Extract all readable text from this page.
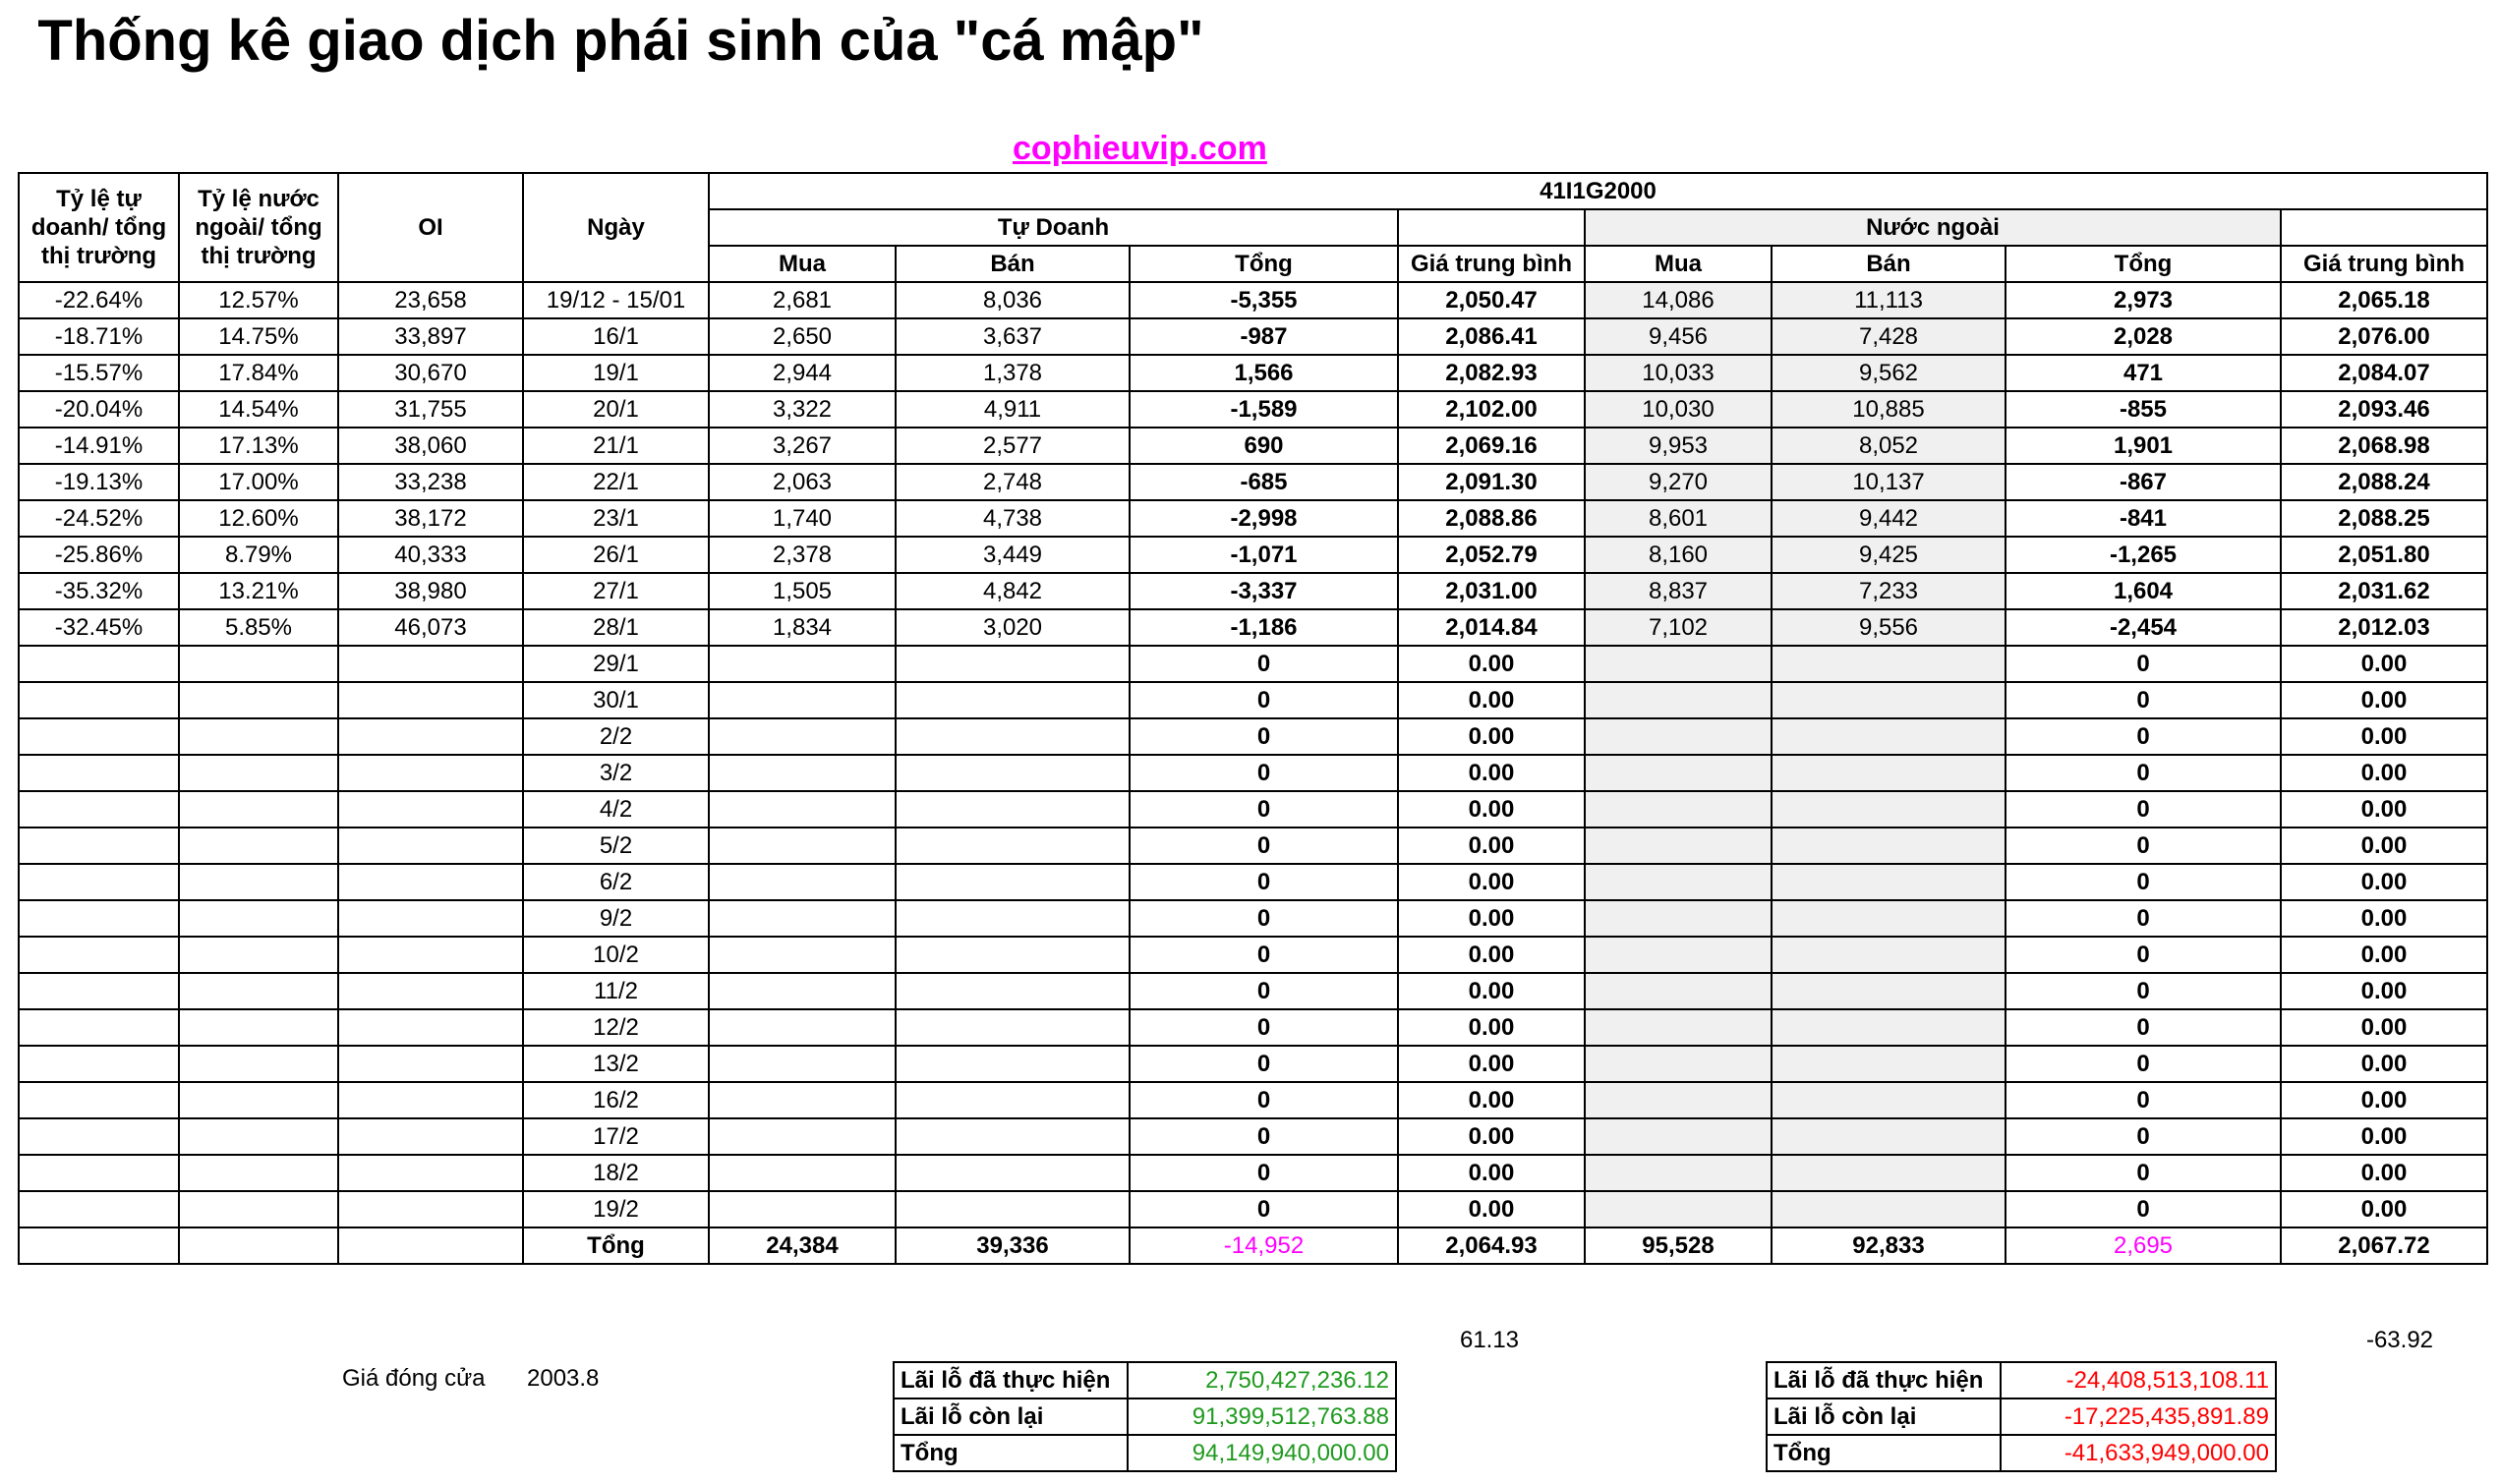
Thống kê giao dịch phái sinh của "cá mập"
cophieuvip.com
Tỷ lệ tự doanh/ tổng thị trường	Tỷ lệ nước ngoài/ tổng thị trường	OI	Ngày	41I1G2000							
				Tự Doanh				Nước ngoài			
				Mua	Bán	Tổng	Giá trung bình	Mua	Bán	Tổng	Giá trung bình
-22.64%	12.57%	23,658	19/12 - 15/01	2,681	8,036	-5,355	2,050.47	14,086	11,113	2,973	2,065.18
-18.71%	14.75%	33,897	16/1	2,650	3,637	-987	2,086.41	9,456	7,428	2,028	2,076.00
-15.57%	17.84%	30,670	19/1	2,944	1,378	1,566	2,082.93	10,033	9,562	471	2,084.07
-20.04%	14.54%	31,755	20/1	3,322	4,911	-1,589	2,102.00	10,030	10,885	-855	2,093.46
-14.91%	17.13%	38,060	21/1	3,267	2,577	690	2,069.16	9,953	8,052	1,901	2,068.98
-19.13%	17.00%	33,238	22/1	2,063	2,748	-685	2,091.30	9,270	10,137	-867	2,088.24
-24.52%	12.60%	38,172	23/1	1,740	4,738	-2,998	2,088.86	8,601	9,442	-841	2,088.25
-25.86%	8.79%	40,333	26/1	2,378	3,449	-1,071	2,052.79	8,160	9,425	-1,265	2,051.80
-35.32%	13.21%	38,980	27/1	1,505	4,842	-3,337	2,031.00	8,837	7,233	1,604	2,031.62
-32.45%	5.85%	46,073	28/1	1,834	3,020	-1,186	2,014.84	7,102	9,556	-2,454	2,012.03
			29/1			0	0.00			0	0.00
			30/1			0	0.00			0	0.00
			2/2			0	0.00			0	0.00
			3/2			0	0.00			0	0.00
			4/2			0	0.00			0	0.00
			5/2			0	0.00			0	0.00
			6/2			0	0.00			0	0.00
			9/2			0	0.00			0	0.00
			10/2			0	0.00			0	0.00
			11/2			0	0.00			0	0.00
			12/2			0	0.00			0	0.00
			13/2			0	0.00			0	0.00
			16/2			0	0.00			0	0.00
			17/2			0	0.00			0	0.00
			18/2			0	0.00			0	0.00
			19/2			0	0.00			0	0.00
			Tổng	24,384	39,336	-14,952	2,064.93	95,528	92,833	2,695	2,067.72
61.13	-63.92
Giá đóng cửa 2003.8	Lãi lỗ đã thực hiện	2,750,427,236.12
Lãi lỗ còn lại	91,399,512,763.88
Tổng	94,149,940,000.00
Lãi lỗ đã thực hiện	-24,408,513,108.11
Lãi lỗ còn lại	-17,225,435,891.89
Tổng	-41,633,949,000.00
